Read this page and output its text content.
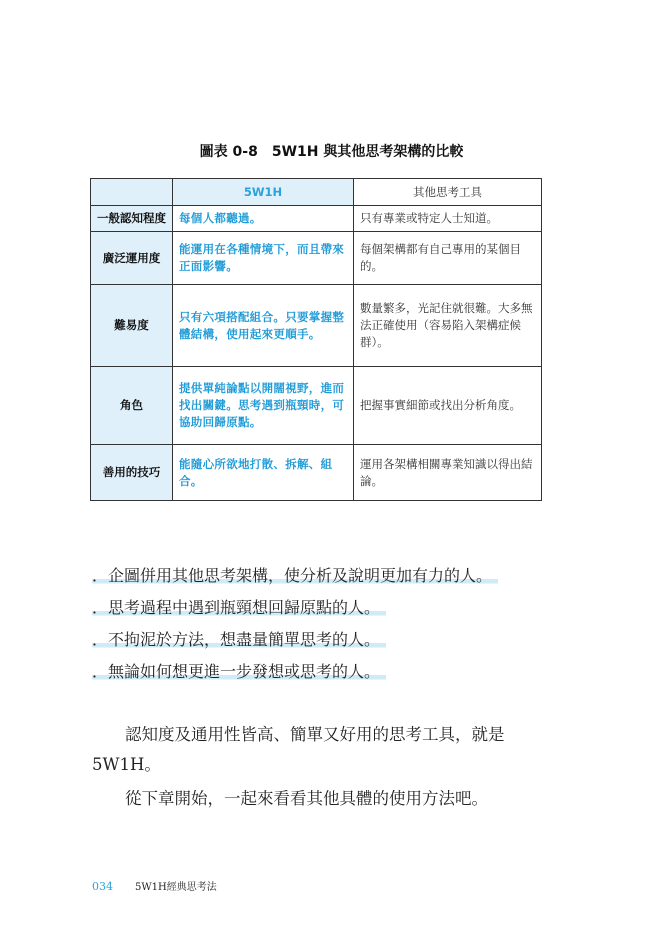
圖表 0-8 5W1H 與其他思考架構的比較
	5W1H	其他思考工具
一般認知程度	每個人都聽過。	只有專業或特定人士知道。
廣泛運用度	能運用在各種情境下，而且帶來正面影響。	每個架構都有自己專用的某個目的。
難易度	只有六項搭配組合。只要掌握整體結構，使用起來更順手。	數量繁多，光記住就很難。大多無法正確使用（容易陷入架構症候群）。
角色	提供單純論點以開闊視野，進而找出關鍵。思考遇到瓶頸時，可協助回歸原點。	把握事實細節或找出分析角度。
善用的技巧	能隨心所欲地打散、拆解、組合。	運用各架構相關專業知識以得出結論。
．企圖併用其他思考架構，使分析及說明更加有力的人。
．思考過程中遇到瓶頸想回歸原點的人。
．不拘泥於方法，想盡量簡單思考的人。
．無論如何想更進一步發想或思考的人。
認知度及通用性皆高、簡單又好用的思考工具，就是5W1H。
從下章開始，一起來看看其他具體的使用方法吧。
034 5W1H經典思考法
